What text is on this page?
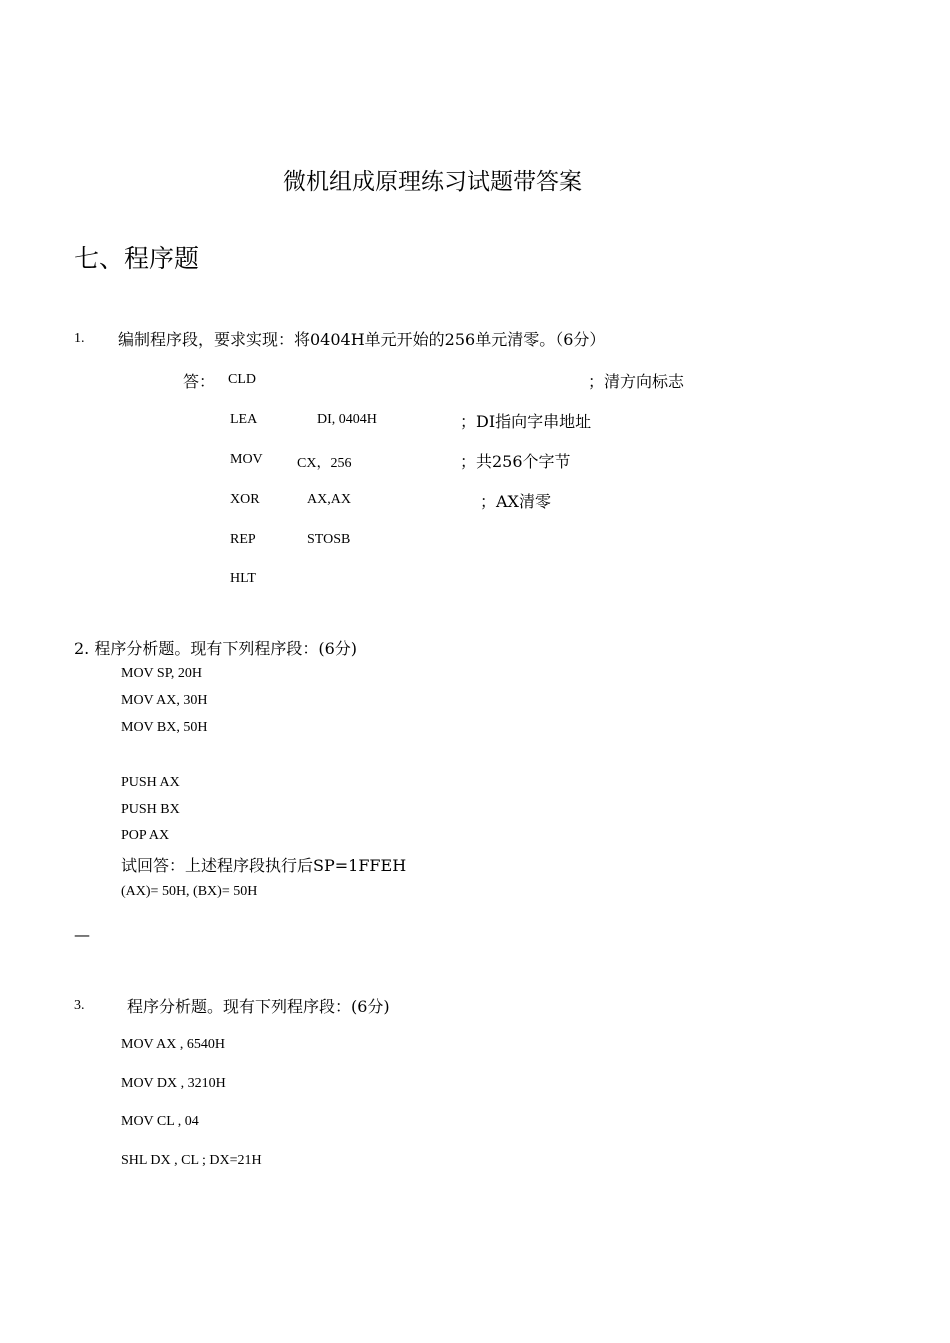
微机组成原理练习试题带答案
七、程序题
1. 编制程序段，要求实现：将0404H单元开始的256单元清零。（6分）
答： CLD	；清方向标志
LEA	DI, 0404H	；DI指向字串地址
MOV CX，256	；共256个字节
XOR	AX,AX	；AX清零
REP	STOSB
HLT
2. 程序分析题。现有下列程序段：(6分)
MOV SP, 20H
MOV AX, 30H
MOV BX, 50H
PUSH AX
PUSH BX
POP AX
试回答：上述程序段执行后SP=1FFEH
(AX)= 50H, (BX)= 50H
—
3.	程序分析题。现有下列程序段：(6分)
MOV AX , 6540H
MOV DX , 3210H
MOV CL , 04
SHL DX , CL ; DX=21H
